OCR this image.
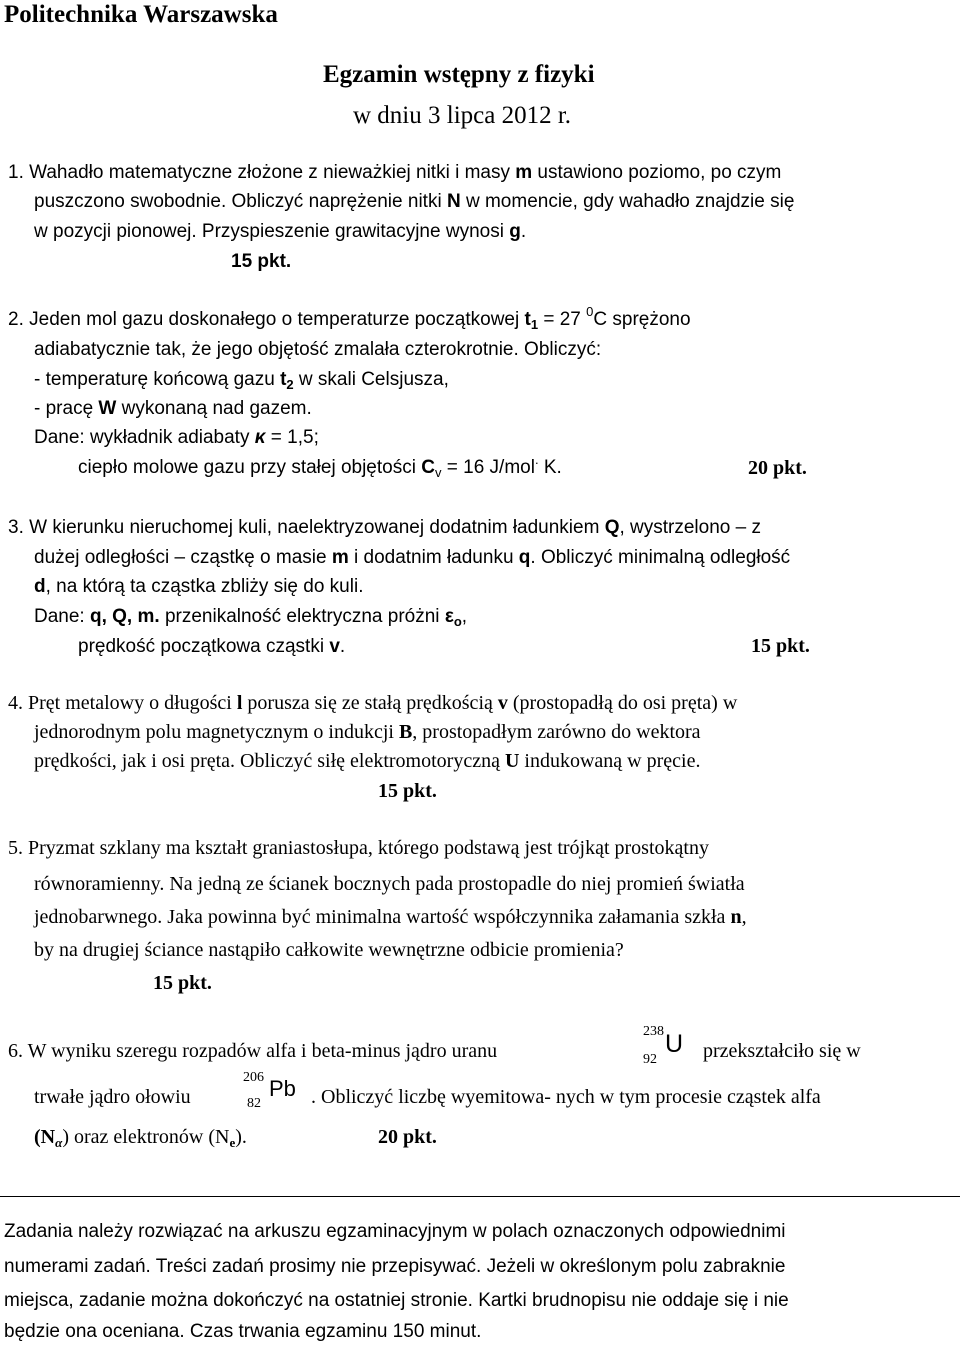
Politechnika Warszawska
Egzamin wstępny z fizyki
w dniu 3 lipca 2012 r.
1. Wahadło matematyczne złożone z nieważkiej nitki i masy m ustawiono poziomo, po czym
puszczono swobodnie. Obliczyć naprężenie nitki N w momencie, gdy wahadło znajdzie się
w pozycji pionowej. Przyspieszenie grawitacyjne wynosi g.
15 pkt.
2. Jeden mol gazu doskonałego o temperaturze początkowej $t_1 = 27$ $^0$C sprężono
adiabatycznie tak, że jego objętość zmalała czterokrotnie. Obliczyć:
- temperaturę końcową gazu $t_2$ w skali Celsjusza,
- pracę W wykonaną nad gazem.
Dane: wykładnik adiabaty κ = 1,5;
ciepło molowe gazu przy stałej objętości $C_v = 16$ J/mol. K.	20 pkt.
3. W kierunku nieruchomej kuli, naelektryzowanej dodatnim ładunkiem Q, wystrzelono – z
dużej odległości – cząstkę o masie m i dodatnim ładunku q. Obliczyć minimalną odległość
d, na którą ta cząstka zbliży się do kuli.
Dane: q, Q, m. przenikalność elektryczna próżni $\varepsilon_o$,
prędkość początkowa cząstki v.	15 pkt.
4. Pręt metalowy o długości l porusza się ze stałą prędkością v (prostopadłą do osi pręta) w
jednorodnym polu magnetycznym o indukcji B, prostopadłym zarówno do wektora
prędkości, jak i osi pręta. Obliczyć siłę elektromotoryczną U indukowaną w pręcie.
15 pkt.
5. Pryzmat szklany ma kształt graniastosłupa, którego podstawą jest trójkąt prostokątny
równoramienny. Na jedną ze ścianek bocznych pada prostopadle do niej promień światła
jednobarwnego. Jaka powinna być minimalna wartość współczynnika załamania szkła n,
by na drugiej ściance nastąpiło całkowite wewnętrzne odbicie promienia?
15 pkt.
6. W wyniku szeregu rozpadów alfa i beta-minus jądro uranu
238
92
U przekształciło się w
trwałe jądro ołowiu
206
82
Pb . Obliczyć liczbę wyemitowa- nych w tym procesie cząstek alfa
$(N_\alpha)$ oraz elektronów $(N_e)$.	20 pkt.
Zadania należy rozwiązać na arkuszu egzaminacyjnym w polach oznaczonych odpowiednimi
numerami zadań. Treści zadań prosimy nie przepisywać. Jeżeli w określonym polu zabraknie
miejsca, zadanie można dokończyć na ostatniej stronie. Kartki brudnopisu nie oddaje się i nie
będzie ona oceniana. Czas trwania egzaminu 150 minut.
